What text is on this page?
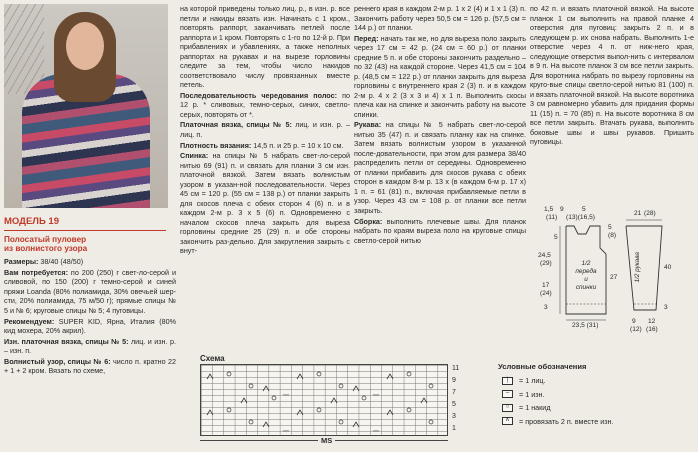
МОДЕЛЬ 19
Полосатый пуловер
из волнистого узора

Размеры: 38/40 (48/50)

Вам потребуется: по 200 (250) г свет-ло-серой и сливовой, по 150 (200) г темно-серой и синей пряжи Loanda (80% полиамида, 30% овечьей шер-сти, 20% полиамида, 75 м/50 г); прямые спицы № 5 и № 6; круговые спицы № 5; 4 пуговицы.

Рекомендуем: SUPER KID, Ярна, Италия (80% кид мохера, 20% акрил).

Изн. платочная вязка, спицы № 5: лиц. и изн. р. – изн. п.

Волнистый узор, спицы № 6: число п. кратно 22 + 1 + 2 кром. Вязать по схеме,

на которой приведены только лиц. р., в изн. р. все петли и накиды вязать изн. Начинать с 1 кром., повторять раппорт, заканчивать петлей после раппорта и 1 кром. Повторять с 1-го по 12-й р. При прибавлениях и убавлениях, а также неполных раппортах на рукавах и на вырезе горловины следите за тем, чтобы число накидов соответствовало числу провязанных вместе петель.

Последовательность чередования полос: по 12 р. * сливовых, темно-серых, синих, светло-серых, повторять от *.

Платочная вязка, спицы № 5: лиц. и изн. р. – лиц. п.

Плотность вязания: 14,5 п. и 25 р. = 10 х 10 см.

Спинка: на спицы № 5 набрать свет-ло-серой нитью 69 (91) п. и связать для планки 3 см изн. платочной вязкой. Затем вязать волнистым узором в указан-ной последовательности. Через 45 см = 120 р. (55 см = 138 р.) от планки закрыть для скосов плеча с обеих сторон 4 (6) п. и в каждом 2-м р. 3 х 5 (6) п. Одновременно с началом скосов плеча закрыть для выреза горловины средние 25 (29) п. и обе стороны закончить раз-дельно. Для закругления закрыть с внут-

реннего края в каждом 2-м р. 1 х 2 (4) и 1 х 1 (3) п. Закончить работу через 50,5 см = 126 р. (57,5 см = 144 р.) от планки.

Перед: начать так же, но для выреза поло закрыть через 17 см = 42 р. (24 см = 60 р.) от планки средние 5 п. и обе стороны закончить раздельно – по 32 (43) на каждой стороне. Через 41,5 см = 104 р. (48,5 см = 122 р.) от планки закрыть для выреза горловины с внутреннего края 2 (3) п. и в каждом 2-м р. 4 х 2 (3 х 3 и 4) х 1 п. Выполнить скосы плеча как на спинке и закончить работу на высоте спинки.

Рукава: на спицы № 5 набрать свет-ло-серой нитью 35 (47) п. и связать планку как на спинке. Затем вязать волнистым узором в указанной после-довательности, при этом для размера 38/40 распределить петли от середины. Одновременно от планки прибавить для скосов рукава с обеих сторон в каждом 8-м р. 13 х (в каждом 6-м р. 17 х) 1 п. = 61 (81) п., включая прибавляемые петли в узор. Через 43 см = 108 р. от планки все петли закрыть.

Сборка: выполнить плечевые швы. Для планок набрать по краям выреза поло на круговые спицы светло-серой нитью

по 42 п. и вязать платочной вязкой. На высоте планок 1 см выполнить на правой планке 4 отверстия для пуговиц: закрыть 2 п. и в следующем р. их снова набрать. Выполнить 1-е отверстие через 4 п. от ниж-него края, следующие отверстия выпол-нить с интервалом в 9 п. На высоте планок 3 см все петли закрыть. Для воротника набрать по вырезу горловины на круго-вые спицы светло-серой нитью 81 (100) п. и вязать платочной вязкой. На высоте воротника 3 см равномерно убавить для придания формы 11 (15) п. = 70 (85) п. На высоте воротника 8 см все петли закрыть. Втачать рукава, выполнить боковые швы и швы рукавов. Пришить пуговицы.

1,5 9	5
(13)(16,5)
(11)
5
(8)
21 (28)
24,5
(29)
17
(24)
3
27
5
1/2
переда
и
спинки
23,5 (31)
1/2 рукава	40
3
9
(12)
12
(16)
Схема
11
9
7
5
3
1
MS
Условные обозначения
|	= 1 лиц.
–	= 1 изн.
○	= 1 накид
∧	= провязать 2 п. вместе изн.
